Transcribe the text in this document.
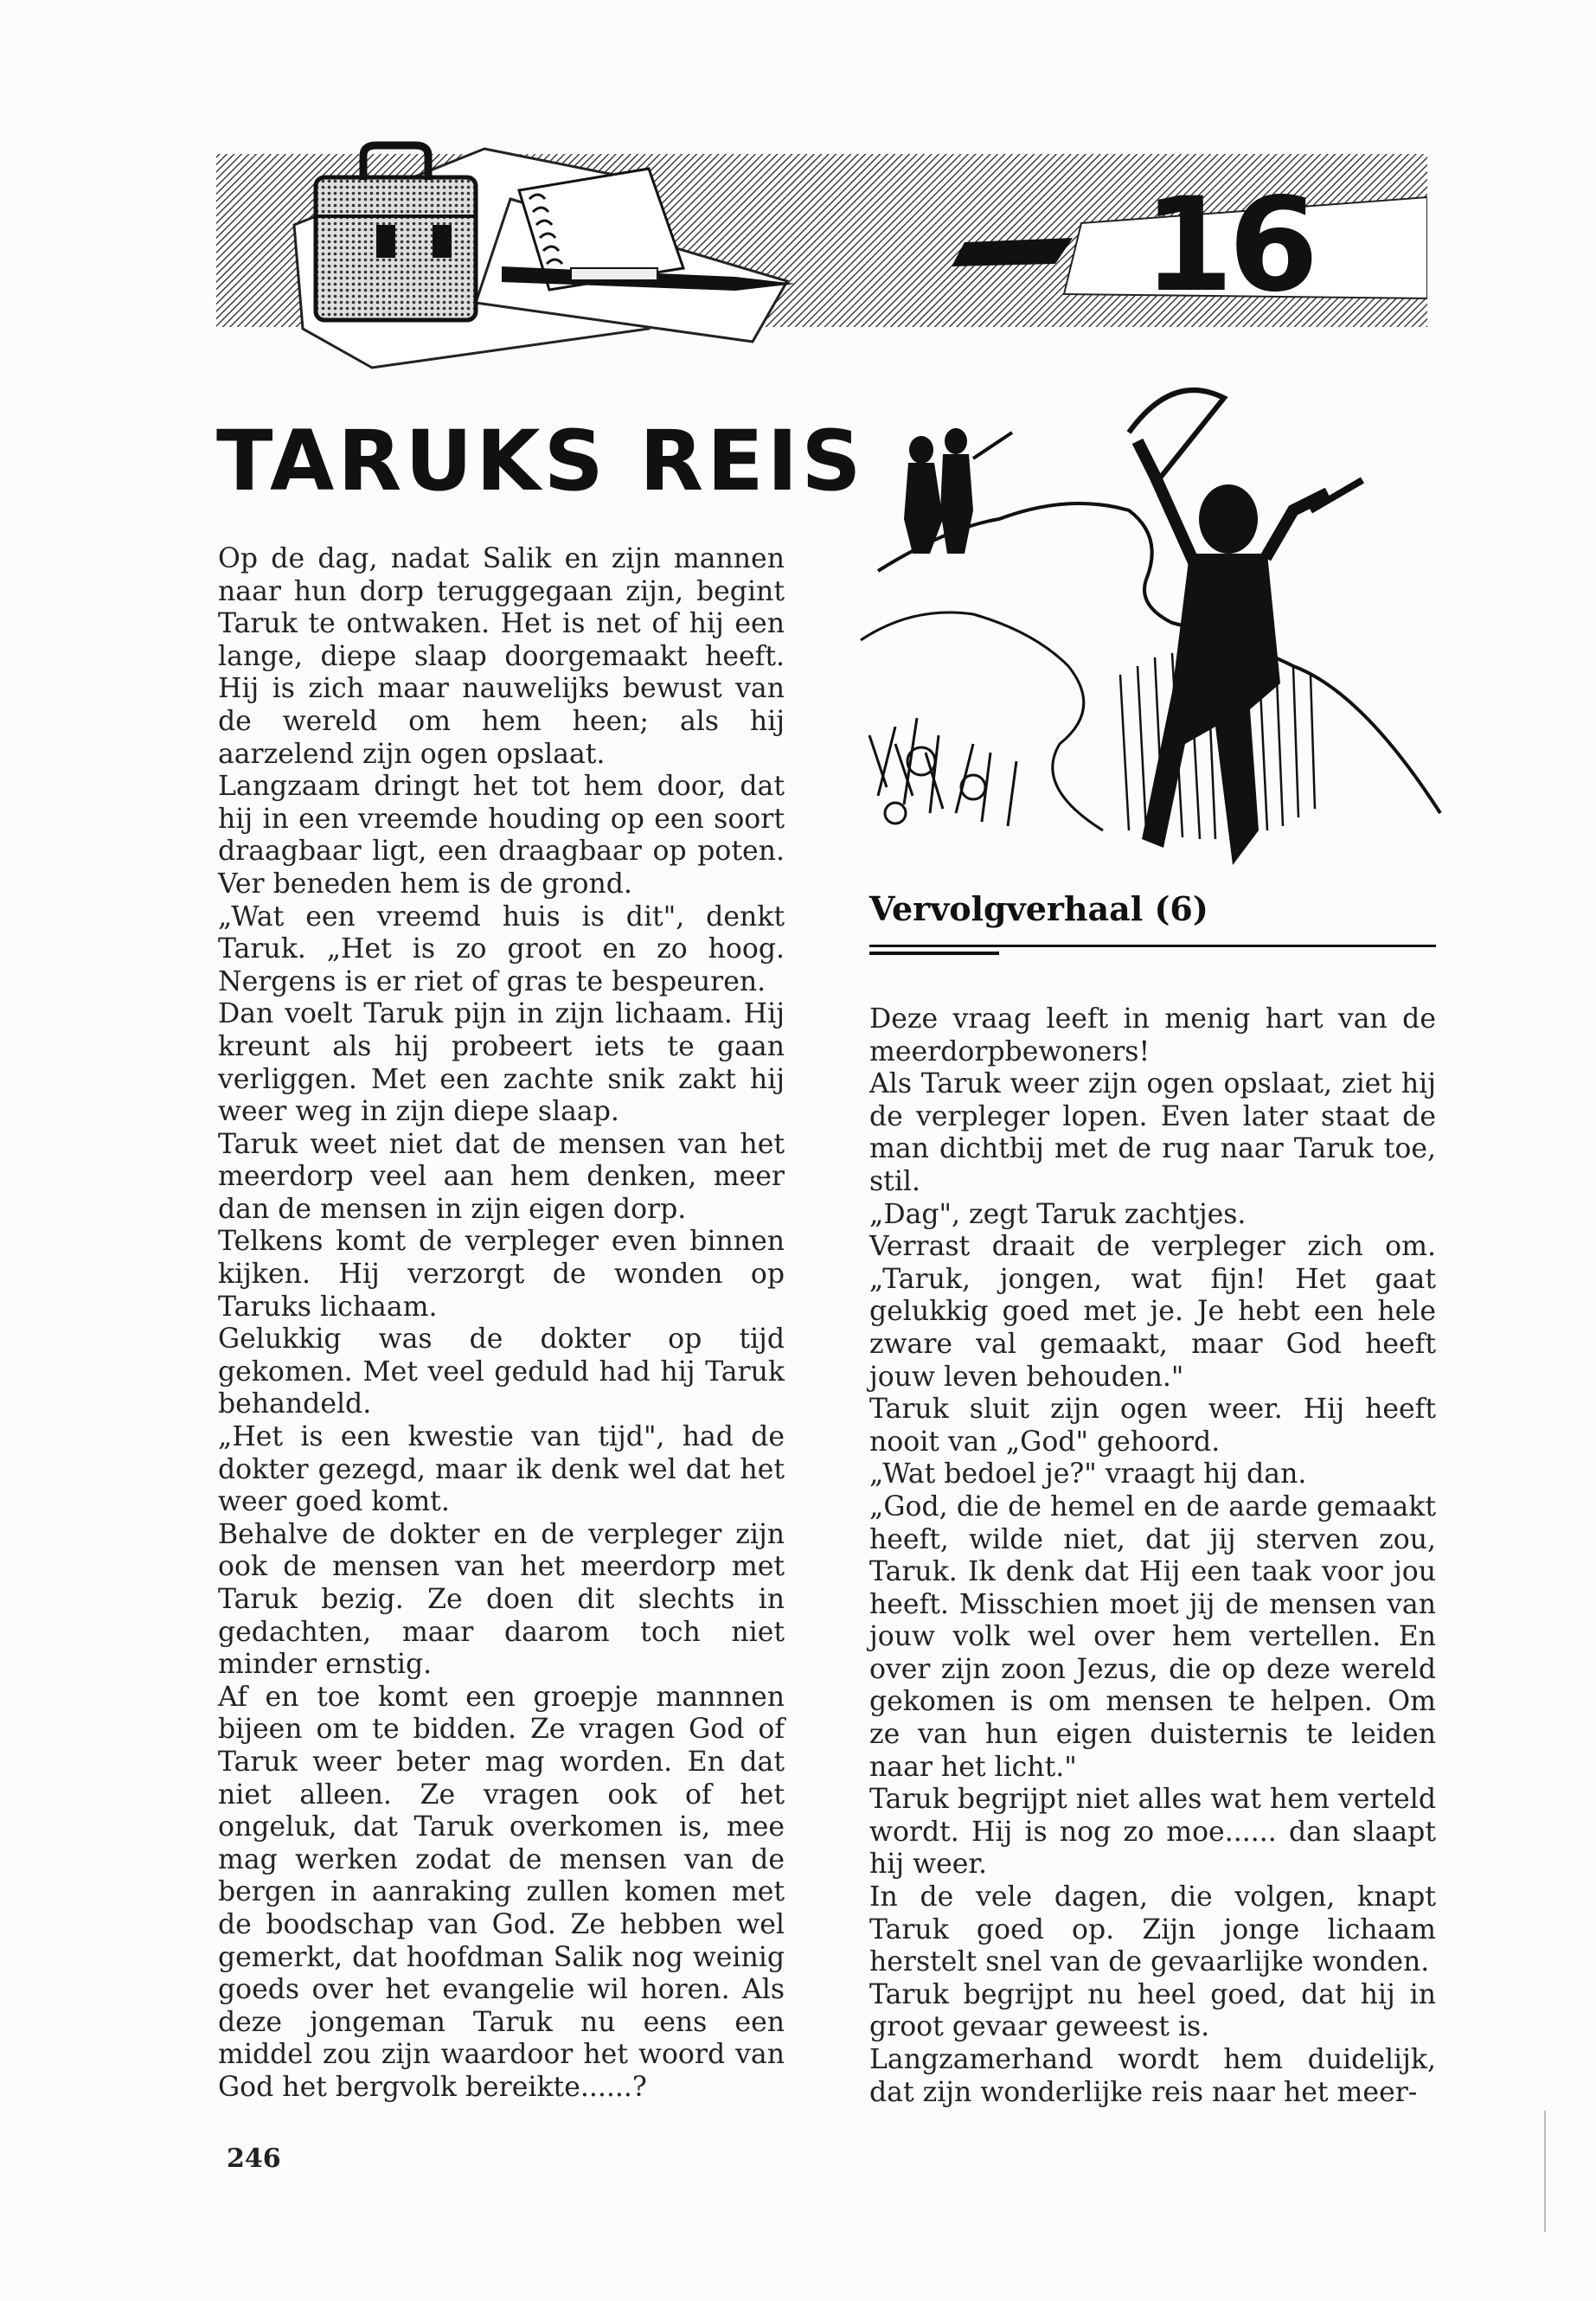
16
TARUKS REIS

Op de dag, nadat Salik en zijn mannen naar hun dorp teruggegaan zijn, begint Taruk te ontwaken. Het is net of hij een lange, diepe slaap doorgemaakt heeft. Hij is zich maar nauwelijks bewust van de wereld om hem heen; als hij aarzelend zijn ogen opslaat.

Langzaam dringt het tot hem door, dat hij in een vreemde houding op een soort draagbaar ligt, een draagbaar op poten. Ver beneden hem is de grond.

„Wat een vreemd huis is dit", denkt Taruk. „Het is zo groot en zo hoog. Nergens is er riet of gras te bespeuren.

Dan voelt Taruk pijn in zijn lichaam. Hij kreunt als hij probeert iets te gaan verliggen. Met een zachte snik zakt hij weer weg in zijn diepe slaap.

Taruk weet niet dat de mensen van het meerdorp veel aan hem denken, meer dan de mensen in zijn eigen dorp.

Telkens komt de verpleger even binnen kijken. Hij verzorgt de wonden op Taruks lichaam.

Gelukkig was de dokter op tijd gekomen. Met veel geduld had hij Taruk behandeld.

„Het is een kwestie van tijd", had de dokter gezegd, maar ik denk wel dat het weer goed komt.

Behalve de dokter en de verpleger zijn ook de mensen van het meerdorp met Taruk bezig. Ze doen dit slechts in gedachten, maar daarom toch niet minder ernstig.

Af en toe komt een groepje mannnen bijeen om te bidden. Ze vragen God of Taruk weer beter mag worden. En dat niet alleen. Ze vragen ook of het ongeluk, dat Taruk overkomen is, mee mag werken zodat de mensen van de bergen in aanraking zullen komen met de boodschap van God. Ze hebben wel gemerkt, dat hoofdman Salik nog weinig goeds over het evangelie wil horen. Als deze jongeman Taruk nu eens een middel zou zijn waardoor het woord van God het bergvolk bereikte......?

Vervolgverhaal (6)

Deze vraag leeft in menig hart van de meerdorpbewoners!

Als Taruk weer zijn ogen opslaat, ziet hij de verpleger lopen. Even later staat de man dichtbij met de rug naar Taruk toe, stil.

„Dag", zegt Taruk zachtjes.

Verrast draait de verpleger zich om. „Taruk, jongen, wat fijn! Het gaat gelukkig goed met je. Je hebt een hele zware val gemaakt, maar God heeft jouw leven behouden."

Taruk sluit zijn ogen weer. Hij heeft nooit van „God" gehoord.

„Wat bedoel je?" vraagt hij dan.

„God, die de hemel en de aarde gemaakt heeft, wilde niet, dat jij sterven zou, Taruk. Ik denk dat Hij een taak voor jou heeft. Misschien moet jij de mensen van jouw volk wel over hem vertellen. En over zijn zoon Jezus, die op deze wereld gekomen is om mensen te helpen. Om ze van hun eigen duisternis te leiden naar het licht."

Taruk begrijpt niet alles wat hem verteld wordt. Hij is nog zo moe...... dan slaapt hij weer.

In de vele dagen, die volgen, knapt Taruk goed op. Zijn jonge lichaam herstelt snel van de gevaarlijke wonden.

Taruk begrijpt nu heel goed, dat hij in groot gevaar geweest is.

Langzamerhand wordt hem duidelijk, dat zijn wonderlijke reis naar het meer-

246
